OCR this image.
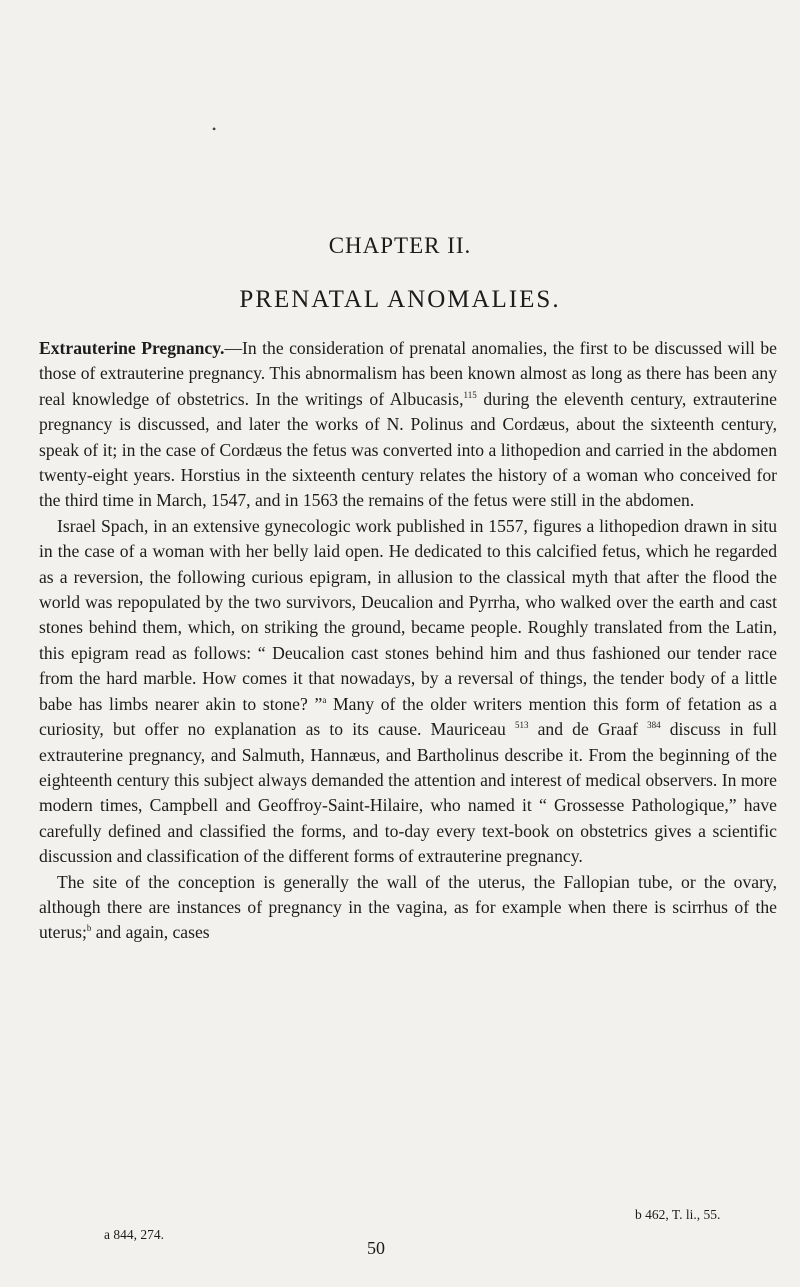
•
CHAPTER II.
PRENATAL ANOMALIES.

Extrauterine Pregnancy.—In the consideration of prenatal anomalies, the first to be discussed will be those of extrauterine pregnancy. This abnormalism has been known almost as long as there has been any real knowledge of obstetrics. In the writings of Albucasis,$^{115}$ during the eleventh century, extrauterine pregnancy is discussed, and later the works of N. Polinus and Cordæus, about the sixteenth century, speak of it; in the case of Cordæus the fetus was converted into a lithopedion and carried in the abdomen twenty-eight years. Horstius in the sixteenth century relates the history of a woman who conceived for the third time in March, 1547, and in 1563 the remains of the fetus were still in the abdomen.

Israel Spach, in an extensive gynecologic work published in 1557, figures a lithopedion drawn in situ in the case of a woman with her belly laid open. He dedicated to this calcified fetus, which he regarded as a reversion, the following curious epigram, in allusion to the classical myth that after the flood the world was repopulated by the two survivors, Deucalion and Pyrrha, who walked over the earth and cast stones behind them, which, on striking the ground, became people. Roughly translated from the Latin, this epigram read as follows: “ Deucalion cast stones behind him and thus fashioned our tender race from the hard marble. How comes it that nowadays, by a reversal of things, the tender body of a little babe has limbs nearer akin to stone? ”$^a$ Many of the older writers mention this form of fetation as a curiosity, but offer no explanation as to its cause. Mauriceau $^{513}$ and de Graaf $^{384}$ discuss in full extrauterine pregnancy, and Salmuth, Hannæus, and Bartholinus describe it. From the beginning of the eighteenth century this subject always demanded the attention and interest of medical observers. In more modern times, Campbell and Geoffroy-Saint-Hilaire, who named it “ Grossesse Pathologique,” have carefully defined and classified the forms, and to-day every text-book on obstetrics gives a scientific discussion and classification of the different forms of extrauterine pregnancy.

The site of the conception is generally the wall of the uterus, the Fallopian tube, or the ovary, although there are instances of pregnancy in the vagina, as for example when there is scirrhus of the uterus;$^b$ and again, cases

b 462, T. li., 55.
a 844, 274.
50
